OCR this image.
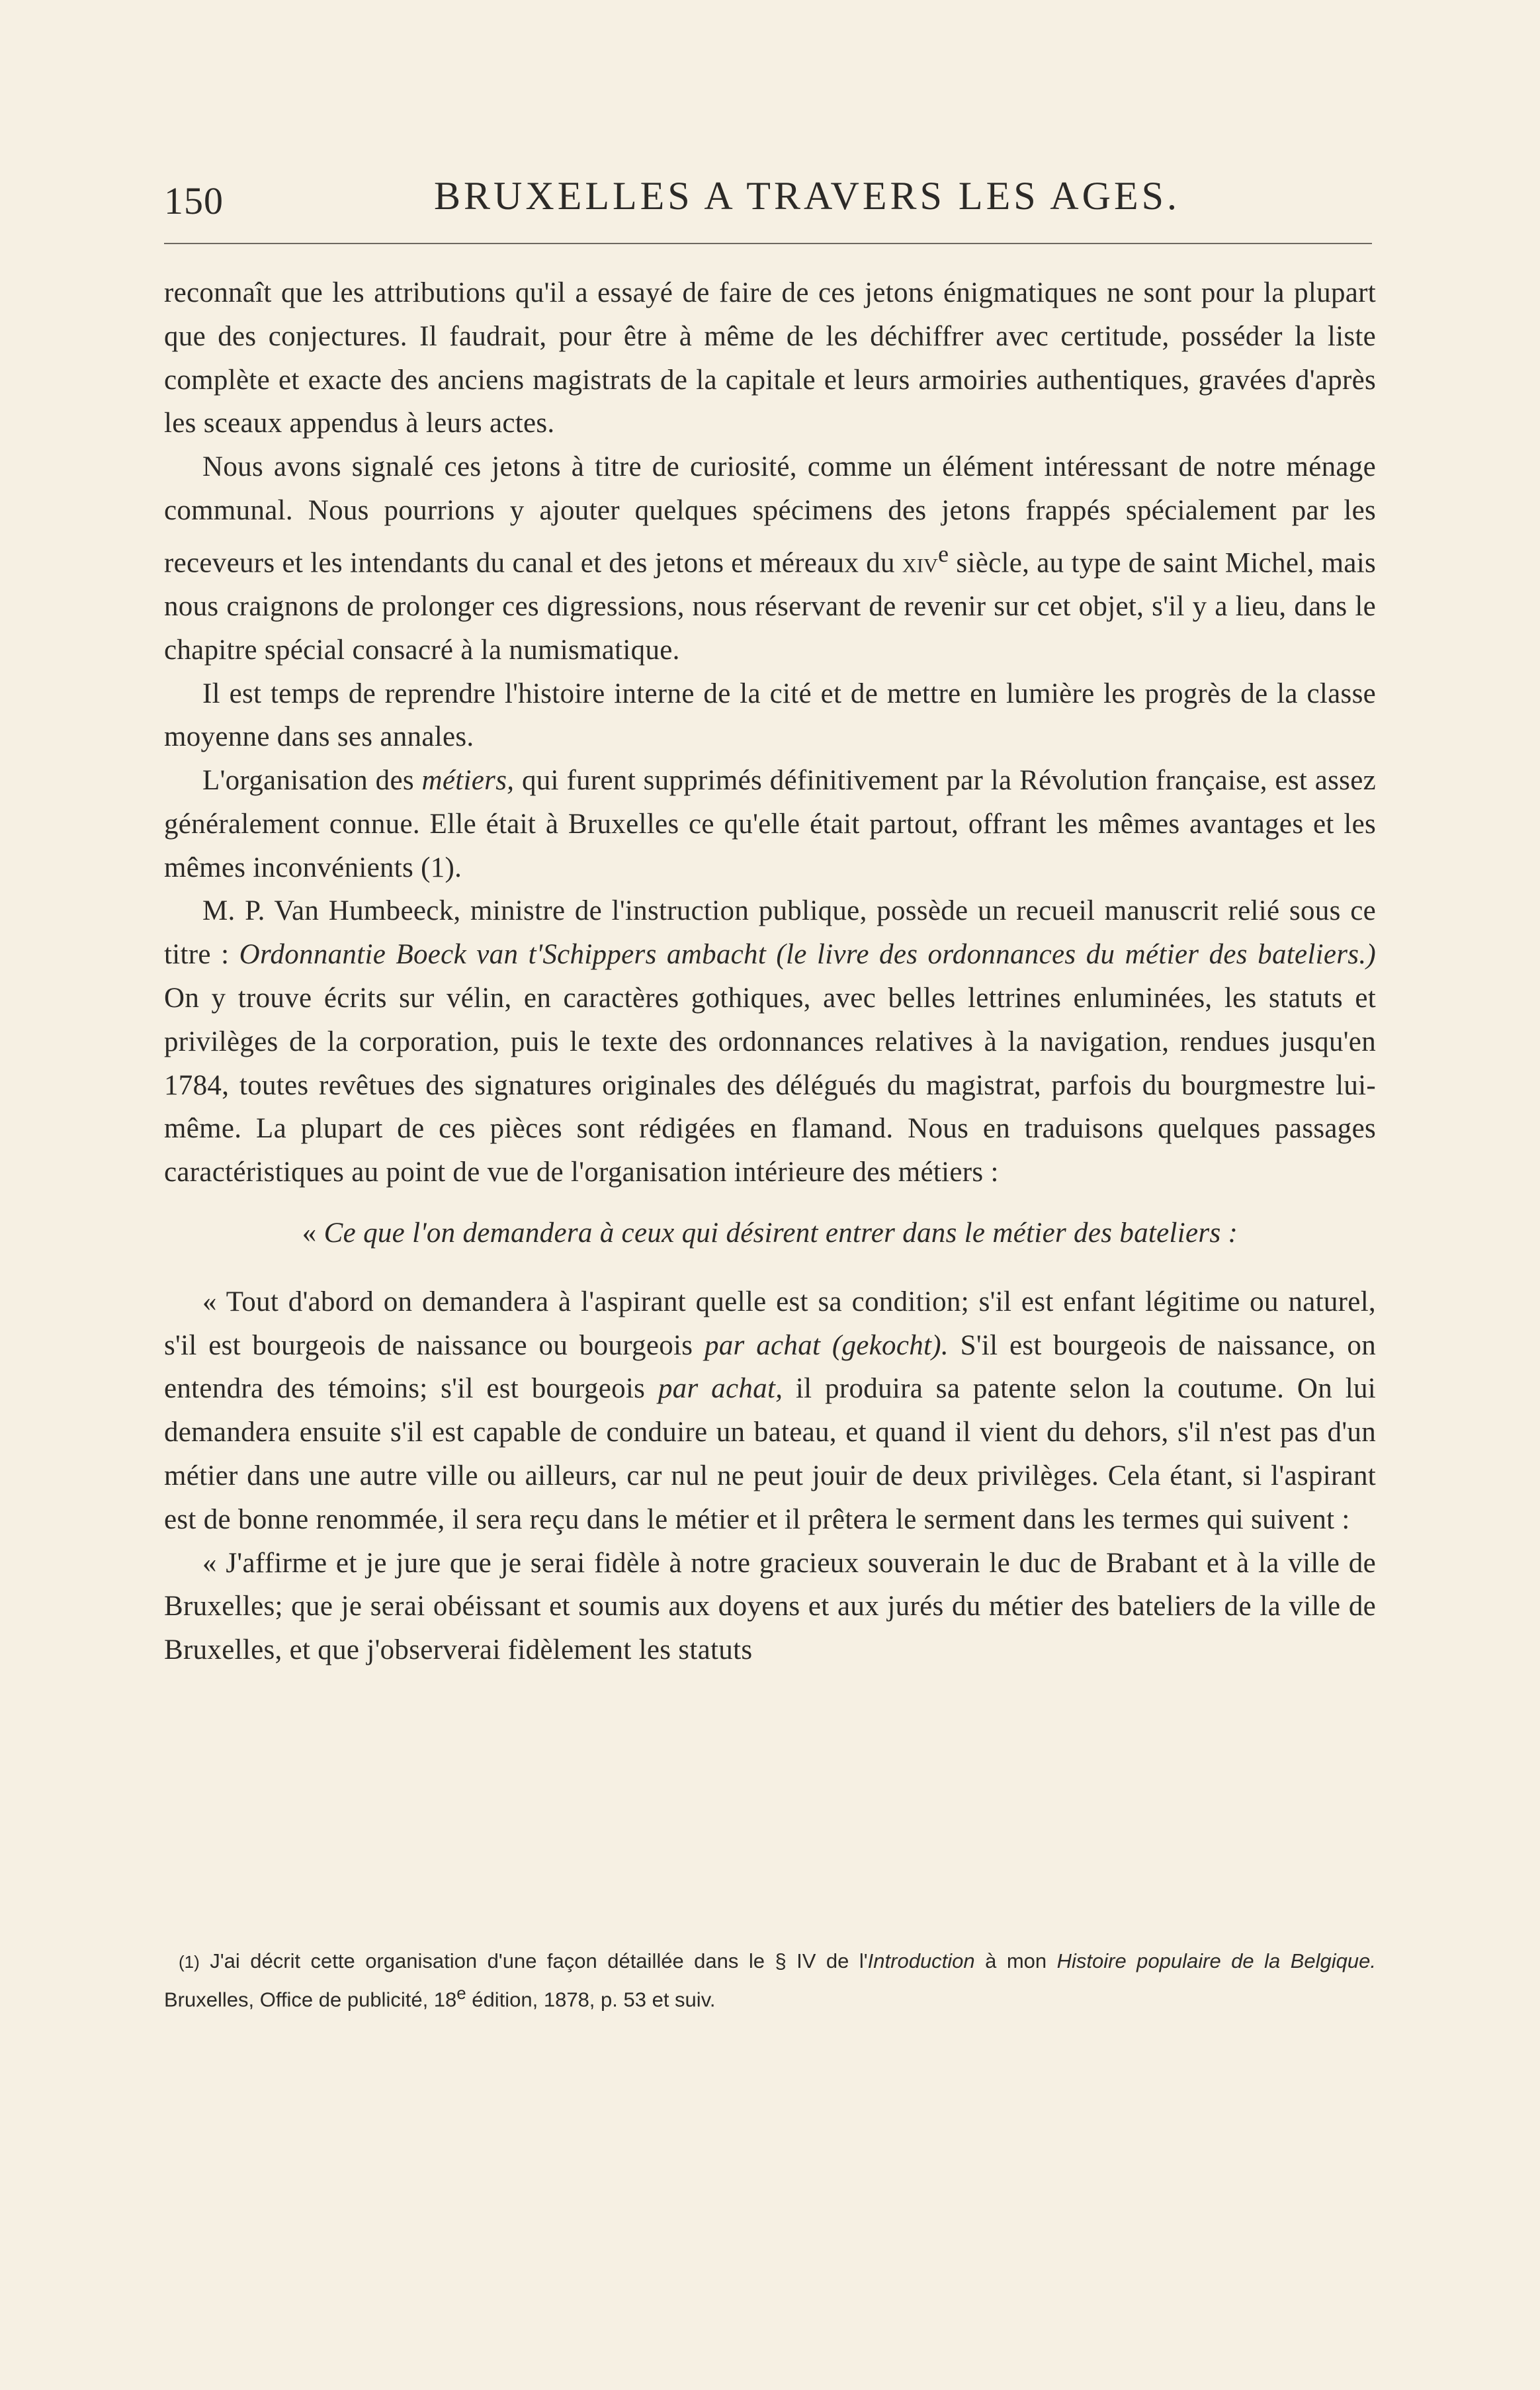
150	BRUXELLES A TRAVERS LES AGES.

reconnaît que les attributions qu'il a essayé de faire de ces jetons énigmatiques ne sont pour la plupart que des conjectures. Il faudrait, pour être à même de les déchiffrer avec certitude, posséder la liste complète et exacte des anciens magistrats de la capitale et leurs armoiries authentiques, gravées d'après les sceaux appendus à leurs actes.

Nous avons signalé ces jetons à titre de curiosité, comme un élément intéressant de notre ménage communal. Nous pourrions y ajouter quelques spécimens des jetons frappés spécialement par les receveurs et les intendants du canal et des jetons et méreaux du xiv$^e$ siècle, au type de saint Michel, mais nous craignons de prolonger ces digressions, nous réservant de revenir sur cet objet, s'il y a lieu, dans le chapitre spécial consacré à la numismatique.

Il est temps de reprendre l'histoire interne de la cité et de mettre en lumière les progrès de la classe moyenne dans ses annales.

L'organisation des métiers, qui furent supprimés définitivement par la Révolution française, est assez généralement connue. Elle était à Bruxelles ce qu'elle était partout, offrant les mêmes avantages et les mêmes inconvénients (1).

M. P. Van Humbeeck, ministre de l'instruction publique, possède un recueil manuscrit relié sous ce titre : Ordonnantie Boeck van t'Schippers ambacht (le livre des ordonnances du métier des bateliers.) On y trouve écrits sur vélin, en caractères gothiques, avec belles lettrines enluminées, les statuts et privilèges de la corporation, puis le texte des ordonnances relatives à la navigation, rendues jusqu'en 1784, toutes revêtues des signatures originales des délégués du magistrat, parfois du bourgmestre lui-même. La plupart de ces pièces sont rédigées en flamand. Nous en traduisons quelques passages caractéristiques au point de vue de l'organisation intérieure des métiers :

« Ce que l'on demandera à ceux qui désirent entrer dans le métier des bateliers :

« Tout d'abord on demandera à l'aspirant quelle est sa condition; s'il est enfant légitime ou naturel, s'il est bourgeois de naissance ou bourgeois par achat (gekocht). S'il est bourgeois de naissance, on entendra des témoins; s'il est bourgeois par achat, il produira sa patente selon la coutume. On lui demandera ensuite s'il est capable de conduire un bateau, et quand il vient du dehors, s'il n'est pas d'un métier dans une autre ville ou ailleurs, car nul ne peut jouir de deux privilèges. Cela étant, si l'aspirant est de bonne renommée, il sera reçu dans le métier et il prêtera le serment dans les termes qui suivent :

« J'affirme et je jure que je serai fidèle à notre gracieux souverain le duc de Brabant et à la ville de Bruxelles; que je serai obéissant et soumis aux doyens et aux jurés du métier des bateliers de la ville de Bruxelles, et que j'observerai fidèlement les statuts

(1) J'ai décrit cette organisation d'une façon détaillée dans le § IV de l'Introduction à mon Histoire populaire de la Belgique. Bruxelles, Office de publicité, 18e édition, 1878, p. 53 et suiv.
